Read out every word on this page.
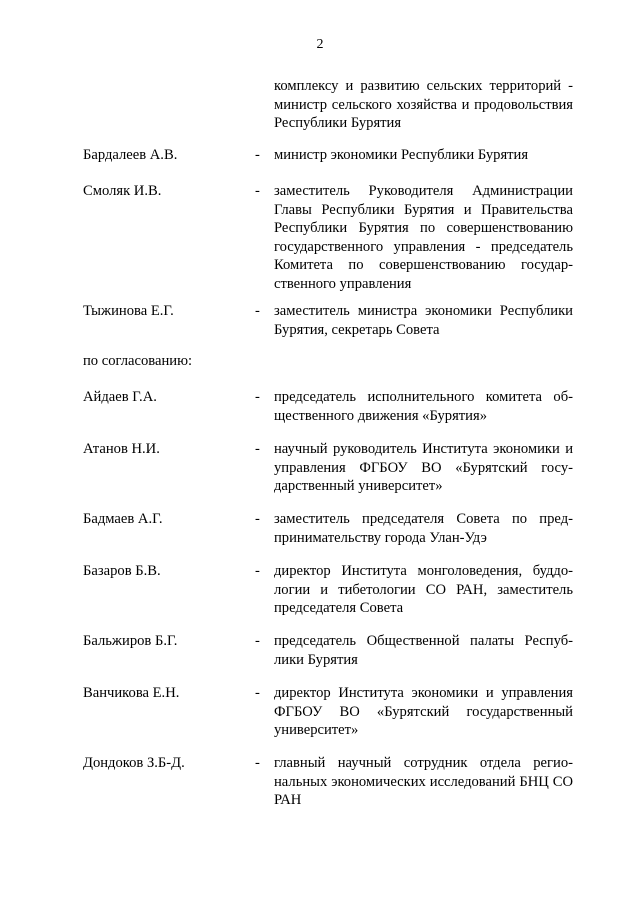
2
комплексу и развитию сельских территорий - министр сельского хозяйства и продовольствия Республики Бурятия
Бардалеев А.В.	- министр экономики Республики Бурятия
Смоляк И.В.	- заместитель Руководителя Администрации Главы Республики Бурятия и Правительства Республики Бурятия по совершенствованию государственного управления - председатель Комитета по совершенствованию государственного управления
Тыжинова Е.Г.	- заместитель министра экономики Республики Бурятия, секретарь Совета
по согласованию:
Айдаев Г.А.	- председатель исполнительного комитета общественного движения «Бурятия»
Атанов Н.И.	- научный руководитель Института экономики и управления ФГБОУ ВО «Бурятский государственный университет»
Бадмаев А.Г.	- заместитель председателя Совета по предпринимательству города Улан-Удэ
Базаров Б.В.	- директор Института монголоведения, буддологии и тибетологии СО РАН, заместитель председателя Совета
Бальжиров Б.Г.	- председатель Общественной палаты Республики Бурятия
Ванчикова Е.Н.	- директор Института экономики и управления ФГБОУ ВО «Бурятский государственный университет»
Дондоков З.Б-Д.	- главный научный сотрудник отдела региональных экономических исследований БНЦ СО РАН
